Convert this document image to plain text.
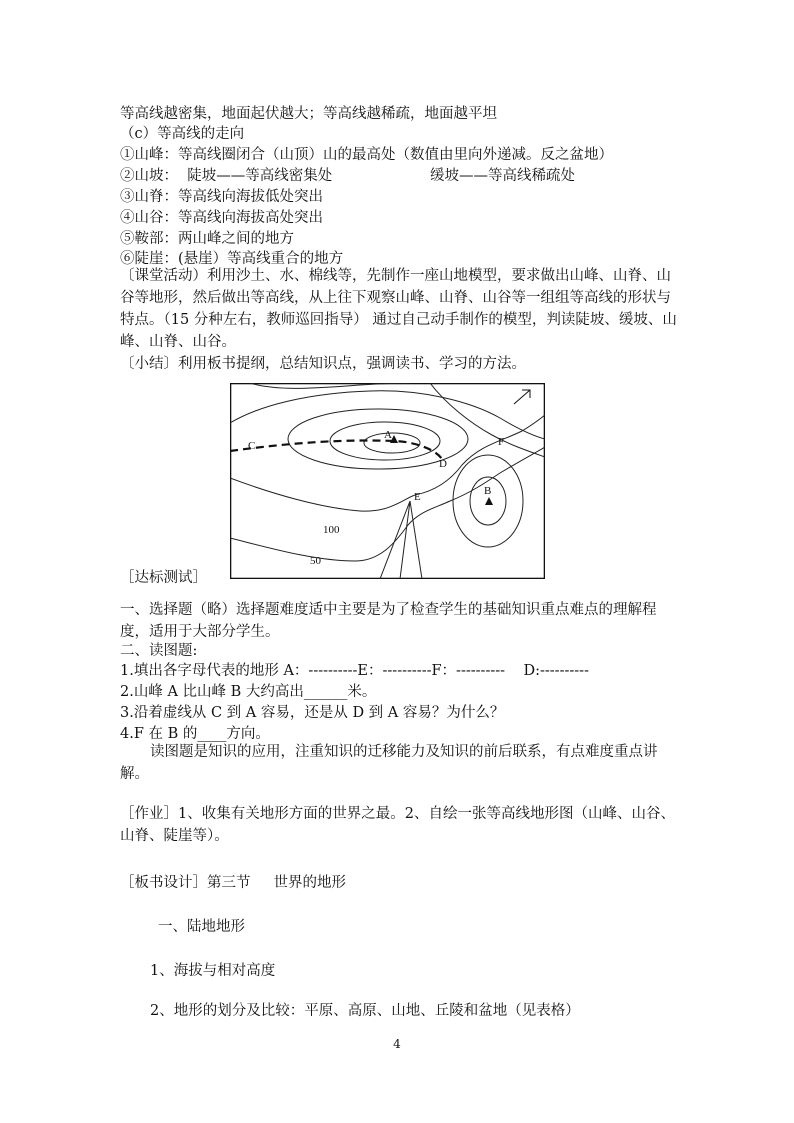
等高线越密集，地面起伏越大；等高线越稀疏，地面越平坦
（c）等高线的走向
①山峰：等高线圈闭合（山顶）山的最高处（数值由里向外递减。反之盆地）
②山坡：  陡坡——等高线密集处	缓坡——等高线稀疏处
③山脊：等高线向海拔低处突出
④山谷：等高线向海拔高处突出
⑤鞍部：两山峰之间的地方
⑥陡崖：(悬崖）等高线重合的地方
〔课堂活动）利用沙土、水、棉线等，先制作一座山地模型，要求做出山峰、山脊、山谷等地形，然后做出等高线，从上往下观察山峰、山脊、山谷等一组组等高线的形状与特点。（15 分种左右，教师巡回指导） 通过自己动手制作的模型，判读陡坡、缓坡、山峰、山脊、山谷。
〔小结〕利用板书提纲，总结知识点，强调读书、学习的方法。
A
B
C
D
E
F
100
50
［达标测试］
一、选择题（略）选择题难度适中主要是为了检查学生的基础知识重点难点的理解程度，适用于大部分学生。
二、读图题:
1.填出各字母代表的地形 A：----------E：----------F：----------    D:----------
2.山峰 A 比山峰 B 大约高出______米。
3.沿着虚线从 C 到 A 容易，还是从 D 到 A 容易？为什么？
4.F 在 B 的____方向。
读图题是知识的应用，注重知识的迁移能力及知识的前后联系，有点难度重点讲解。
［作业］1、收集有关地形方面的世界之最。2、自绘一张等高线地形图（山峰、山谷、山脊、陡崖等）。
［板书设计］第三节     世界的地形
一、陆地地形
1、海拔与相对高度
2、地形的划分及比较：平原、高原、山地、丘陵和盆地（见表格）
4
